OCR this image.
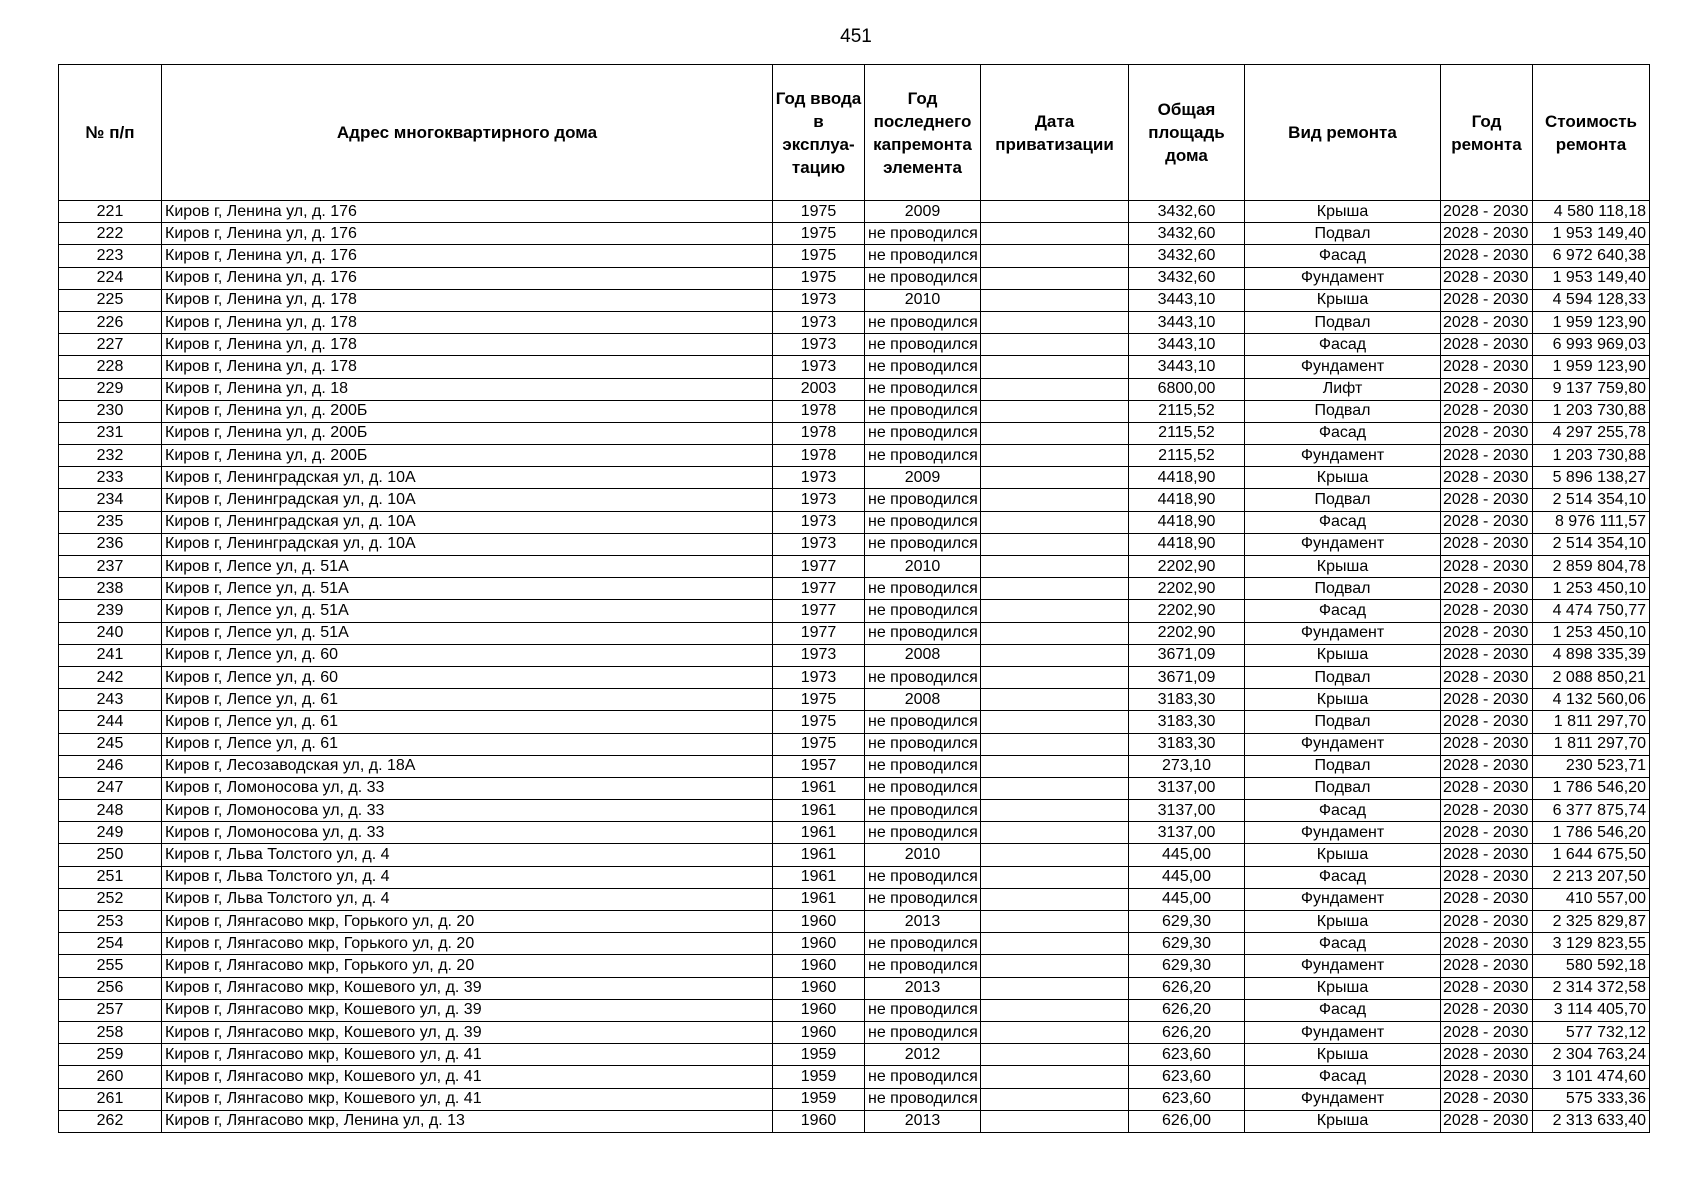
451
№ п/п	Адрес многоквартирного дома	Год ввода в эксплуа-тацию	Год последнего капремонта элемента	Дата приватизации	Общая площадь дома	Вид ремонта	Год ремонта	Стоимость ремонта
221	Киров г, Ленина ул, д. 176	1975	2009		3432,60	Крыша	2028 - 2030	4 580 118,18
222	Киров г, Ленина ул, д. 176	1975	не проводился		3432,60	Подвал	2028 - 2030	1 953 149,40
223	Киров г, Ленина ул, д. 176	1975	не проводился		3432,60	Фасад	2028 - 2030	6 972 640,38
224	Киров г, Ленина ул, д. 176	1975	не проводился		3432,60	Фундамент	2028 - 2030	1 953 149,40
225	Киров г, Ленина ул, д. 178	1973	2010		3443,10	Крыша	2028 - 2030	4 594 128,33
226	Киров г, Ленина ул, д. 178	1973	не проводился		3443,10	Подвал	2028 - 2030	1 959 123,90
227	Киров г, Ленина ул, д. 178	1973	не проводился		3443,10	Фасад	2028 - 2030	6 993 969,03
228	Киров г, Ленина ул, д. 178	1973	не проводился		3443,10	Фундамент	2028 - 2030	1 959 123,90
229	Киров г, Ленина ул, д. 18	2003	не проводился		6800,00	Лифт	2028 - 2030	9 137 759,80
230	Киров г, Ленина ул, д. 200Б	1978	не проводился		2115,52	Подвал	2028 - 2030	1 203 730,88
231	Киров г, Ленина ул, д. 200Б	1978	не проводился		2115,52	Фасад	2028 - 2030	4 297 255,78
232	Киров г, Ленина ул, д. 200Б	1978	не проводился		2115,52	Фундамент	2028 - 2030	1 203 730,88
233	Киров г, Ленинградская ул, д. 10А	1973	2009		4418,90	Крыша	2028 - 2030	5 896 138,27
234	Киров г, Ленинградская ул, д. 10А	1973	не проводился		4418,90	Подвал	2028 - 2030	2 514 354,10
235	Киров г, Ленинградская ул, д. 10А	1973	не проводился		4418,90	Фасад	2028 - 2030	8 976 111,57
236	Киров г, Ленинградская ул, д. 10А	1973	не проводился		4418,90	Фундамент	2028 - 2030	2 514 354,10
237	Киров г, Лепсе ул, д. 51А	1977	2010		2202,90	Крыша	2028 - 2030	2 859 804,78
238	Киров г, Лепсе ул, д. 51А	1977	не проводился		2202,90	Подвал	2028 - 2030	1 253 450,10
239	Киров г, Лепсе ул, д. 51А	1977	не проводился		2202,90	Фасад	2028 - 2030	4 474 750,77
240	Киров г, Лепсе ул, д. 51А	1977	не проводился		2202,90	Фундамент	2028 - 2030	1 253 450,10
241	Киров г, Лепсе ул, д. 60	1973	2008		3671,09	Крыша	2028 - 2030	4 898 335,39
242	Киров г, Лепсе ул, д. 60	1973	не проводился		3671,09	Подвал	2028 - 2030	2 088 850,21
243	Киров г, Лепсе ул, д. 61	1975	2008		3183,30	Крыша	2028 - 2030	4 132 560,06
244	Киров г, Лепсе ул, д. 61	1975	не проводился		3183,30	Подвал	2028 - 2030	1 811 297,70
245	Киров г, Лепсе ул, д. 61	1975	не проводился		3183,30	Фундамент	2028 - 2030	1 811 297,70
246	Киров г, Лесозаводская ул, д. 18А	1957	не проводился		273,10	Подвал	2028 - 2030	230 523,71
247	Киров г, Ломоносова ул, д. 33	1961	не проводился		3137,00	Подвал	2028 - 2030	1 786 546,20
248	Киров г, Ломоносова ул, д. 33	1961	не проводился		3137,00	Фасад	2028 - 2030	6 377 875,74
249	Киров г, Ломоносова ул, д. 33	1961	не проводился		3137,00	Фундамент	2028 - 2030	1 786 546,20
250	Киров г, Льва Толстого ул, д. 4	1961	2010		445,00	Крыша	2028 - 2030	1 644 675,50
251	Киров г, Льва Толстого ул, д. 4	1961	не проводился		445,00	Фасад	2028 - 2030	2 213 207,50
252	Киров г, Льва Толстого ул, д. 4	1961	не проводился		445,00	Фундамент	2028 - 2030	410 557,00
253	Киров г, Лянгасово мкр, Горького ул, д. 20	1960	2013		629,30	Крыша	2028 - 2030	2 325 829,87
254	Киров г, Лянгасово мкр, Горького ул, д. 20	1960	не проводился		629,30	Фасад	2028 - 2030	3 129 823,55
255	Киров г, Лянгасово мкр, Горького ул, д. 20	1960	не проводился		629,30	Фундамент	2028 - 2030	580 592,18
256	Киров г, Лянгасово мкр, Кошевого ул, д. 39	1960	2013		626,20	Крыша	2028 - 2030	2 314 372,58
257	Киров г, Лянгасово мкр, Кошевого ул, д. 39	1960	не проводился		626,20	Фасад	2028 - 2030	3 114 405,70
258	Киров г, Лянгасово мкр, Кошевого ул, д. 39	1960	не проводился		626,20	Фундамент	2028 - 2030	577 732,12
259	Киров г, Лянгасово мкр, Кошевого ул, д. 41	1959	2012		623,60	Крыша	2028 - 2030	2 304 763,24
260	Киров г, Лянгасово мкр, Кошевого ул, д. 41	1959	не проводился		623,60	Фасад	2028 - 2030	3 101 474,60
261	Киров г, Лянгасово мкр, Кошевого ул, д. 41	1959	не проводился		623,60	Фундамент	2028 - 2030	575 333,36
262	Киров г, Лянгасово мкр, Ленина ул, д. 13	1960	2013		626,00	Крыша	2028 - 2030	2 313 633,40
